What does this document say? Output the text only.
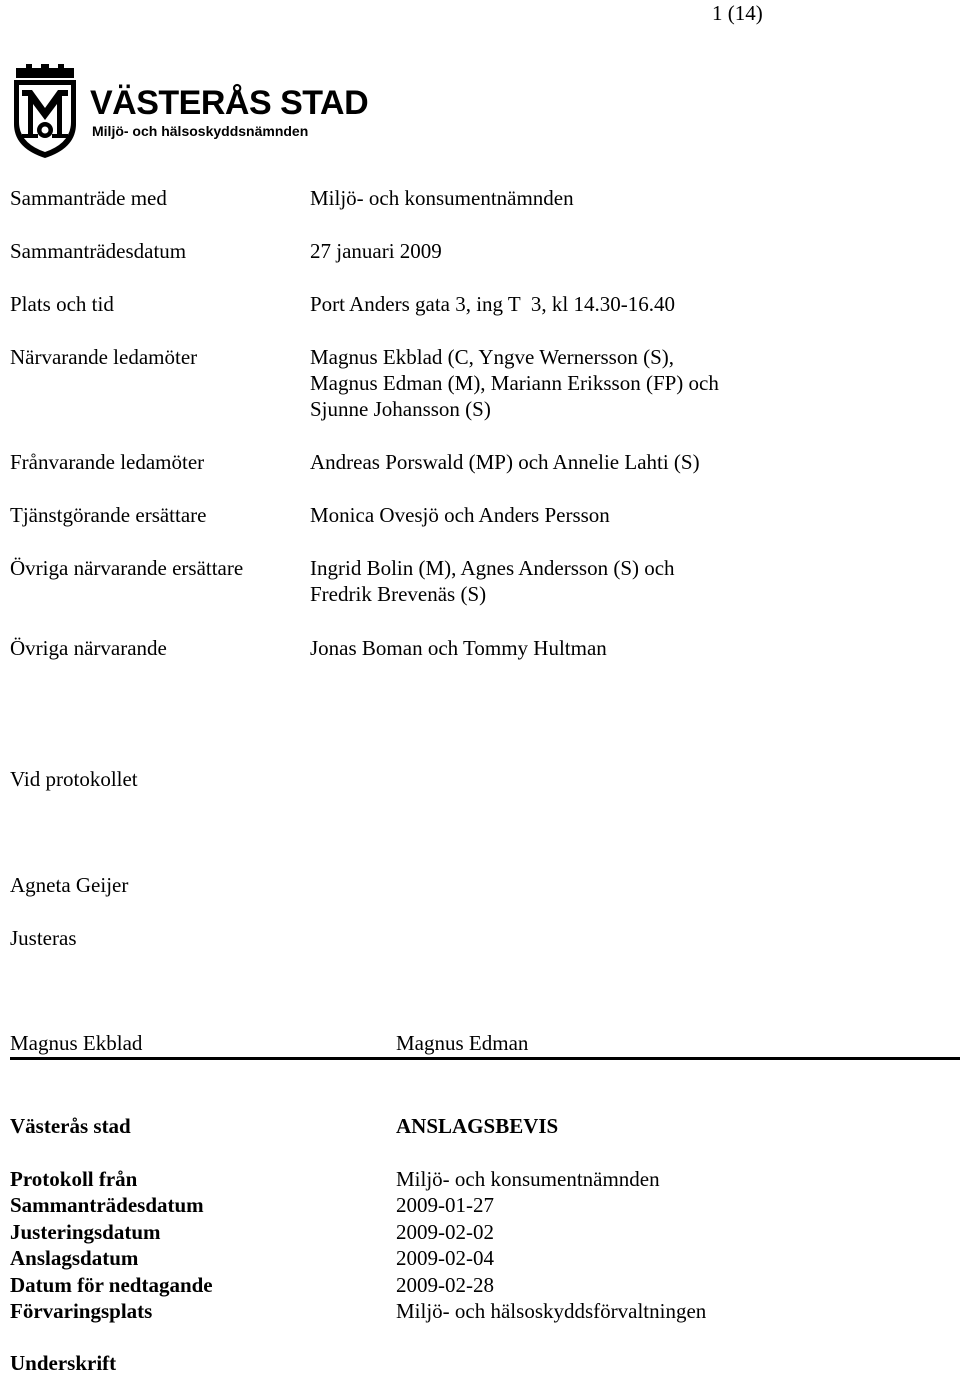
1 (14)
VÄSTERÅS STAD
Miljö- och hälsoskyddsnämnden
Sammanträde med	Miljö- och konsumentnämnden
Sammanträdesdatum	27 januari 2009
Plats och tid	Port Anders gata 3, ing T  3, kl 14.30-16.40
Närvarande ledamöter	Magnus Ekblad (C, Yngve Wernersson (S),
Magnus Edman (M), Mariann Eriksson (FP) och
Sjunne Johansson (S)
Frånvarande ledamöter	Andreas Porswald (MP) och Annelie Lahti (S)
Tjänstgörande ersättare	Monica Ovesjö och Anders Persson
Övriga närvarande ersättare	Ingrid Bolin (M), Agnes Andersson (S) och
Fredrik Brevenäs (S)
Övriga närvarande	Jonas Boman och Tommy Hultman
Vid protokollet
Agneta Geijer
Justeras
Magnus Ekblad	Magnus Edman
Västerås stad	ANSLAGSBEVIS
Protokoll från	Miljö- och konsumentnämnden
Sammanträdesdatum	2009-01-27
Justeringsdatum	2009-02-02
Anslagsdatum	2009-02-04
Datum för nedtagande	2009-02-28
Förvaringsplats	Miljö- och hälsoskyddsförvaltningen
Underskrift
